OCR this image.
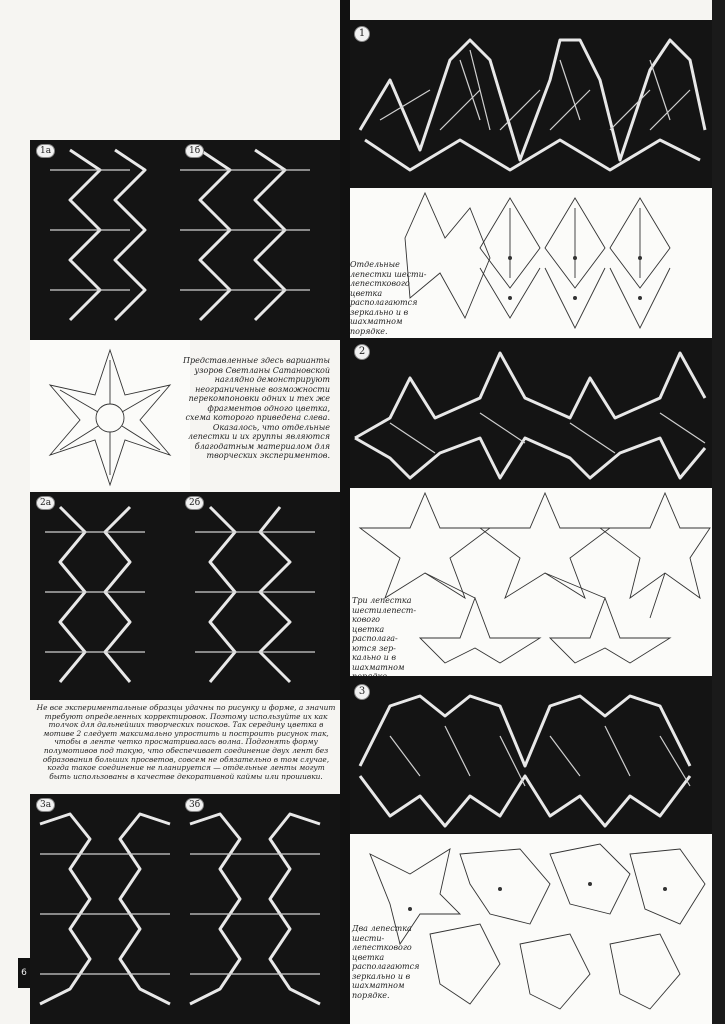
1
Отдельные лепестки шести-лепесткового цветка располагаются зеркально и в шахматном порядке.
2
Три лепестка шестилепест-кового цветка располага-ются зер-кально и в шахматном
3
Два лепестка шести-лепесткового цветка располагаются зеркально и в шахматном порядке.
1a	1б
Представленные здесь варианты узоров Светланы Сатановской наглядно демонстрируют неограниченные возможности перекомпоновки одних и тех же фрагментов одного цветка, схема которого приведена слева. Оказалось, что отдельные лепестки и их группы являются благодатным материалом для творческих экспериментов.
2а	2б
Не все экспериментальные образцы удачны по рисунку и форме, а значит требуют определенных корректировок. Поэтому используйте их как толчок для дальнейших творческих поисков. Так середину цветка в мотиве 2 следует максимально упростить и построить рисунок так, чтобы в ленте четко просматривалась волна. Подгонять форму полумотивов под такую, что обеспечивает соединение двух лент без образования больших просветов, совсем не обязательно в том случае, когда такое соединение не планируется — отдельные ленты могут быть использованы в качестве декоративной каймы или прошивки.
3а	3б
6
